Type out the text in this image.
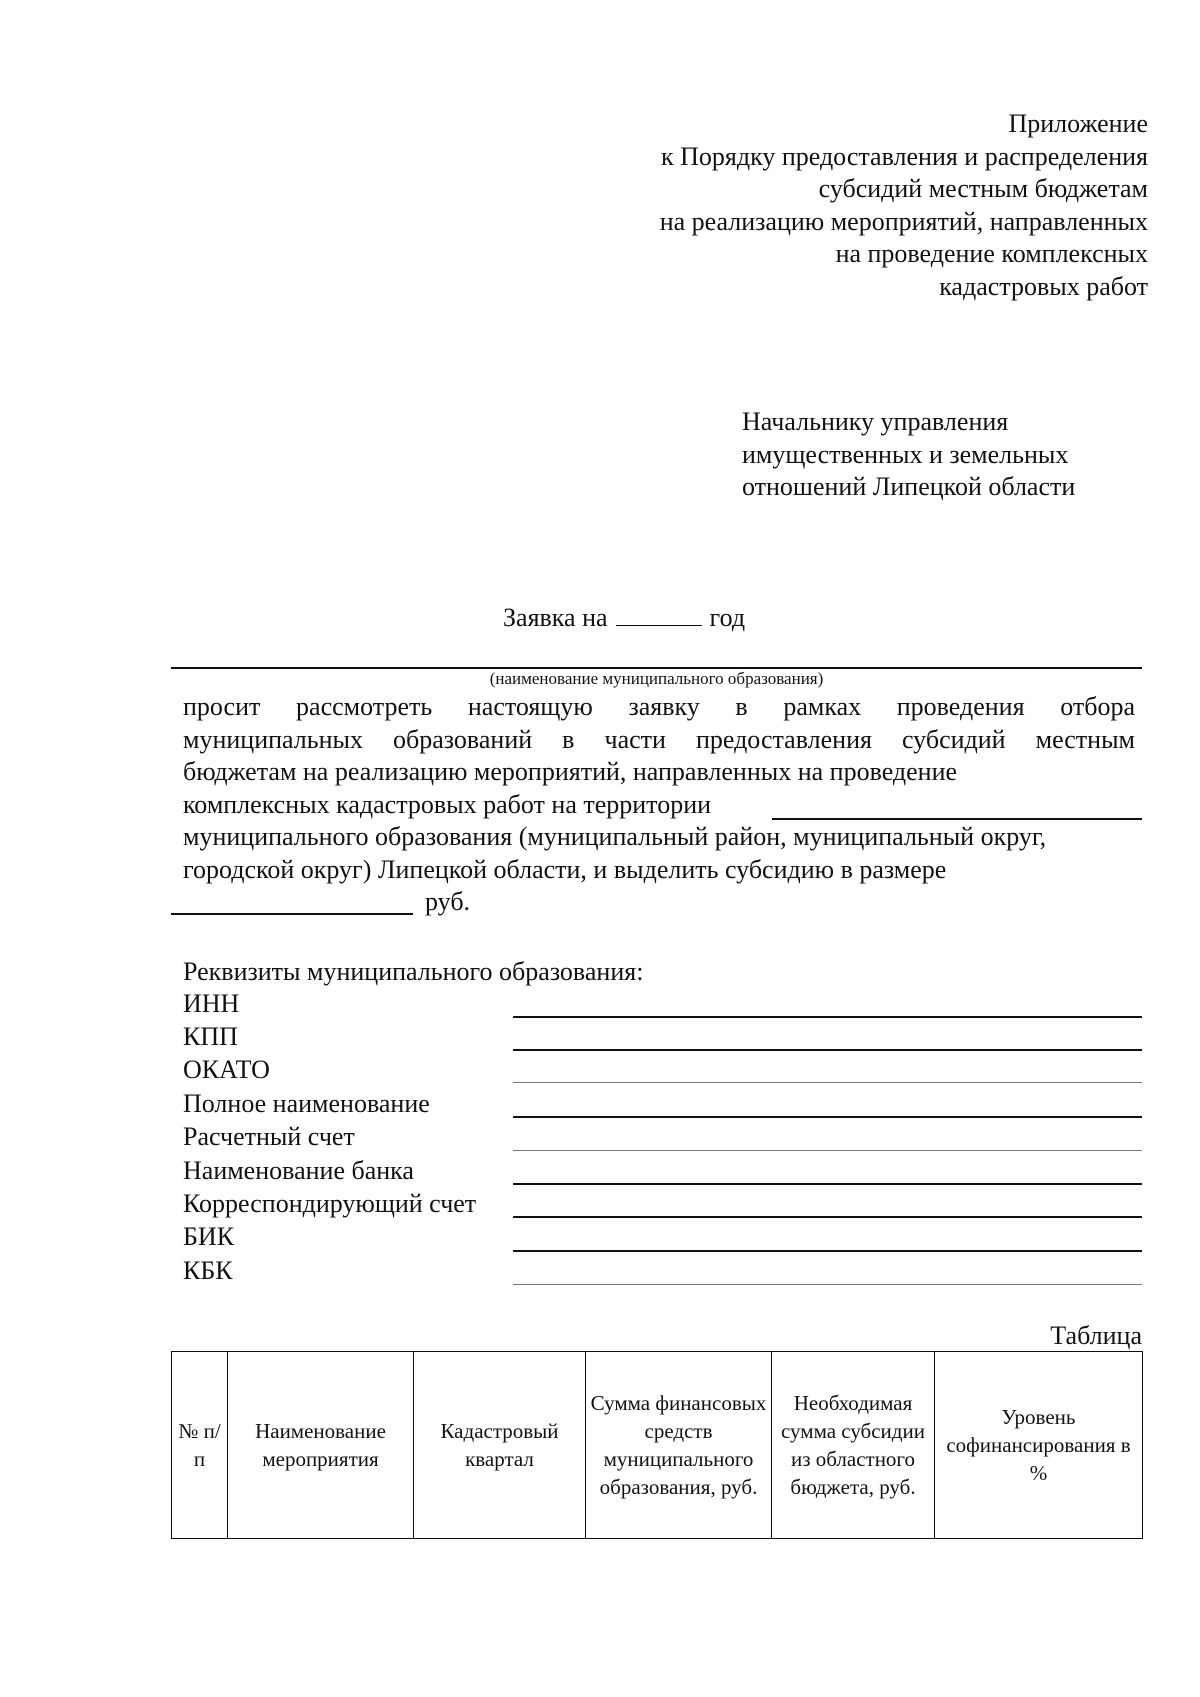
Приложение
к Порядку предоставления и распределения
субсидий местным бюджетам
на реализацию мероприятий, направленных
на проведение комплексных
кадастровых работ
Начальнику управления
имущественных и земельных
отношений Липецкой области
Заявка на	год
(наименование муниципального образования)
просит рассмотреть настоящую заявку в рамках проведения отбора
муниципальных образований в части предоставления субсидий местным
бюджетам на реализацию мероприятий, направленных на проведение
комплексных кадастровых работ на территории
муниципального образования (муниципальный район, муниципальный округ,
городской округ) Липецкой области, и выделить субсидию в размере
руб.
Реквизиты муниципального образования:
ИНН
КПП
ОКАТО
Полное наименование
Расчетный счет
Наименование банка
Корреспондирующий счет
БИК
КБК
Таблица
№ п/п	Наименование мероприятия	Кадастровый квартал	Сумма финансовых средств муниципального образования, руб.	Необходимая сумма субсидии из областного бюджета, руб.	Уровень софинансирования в %
